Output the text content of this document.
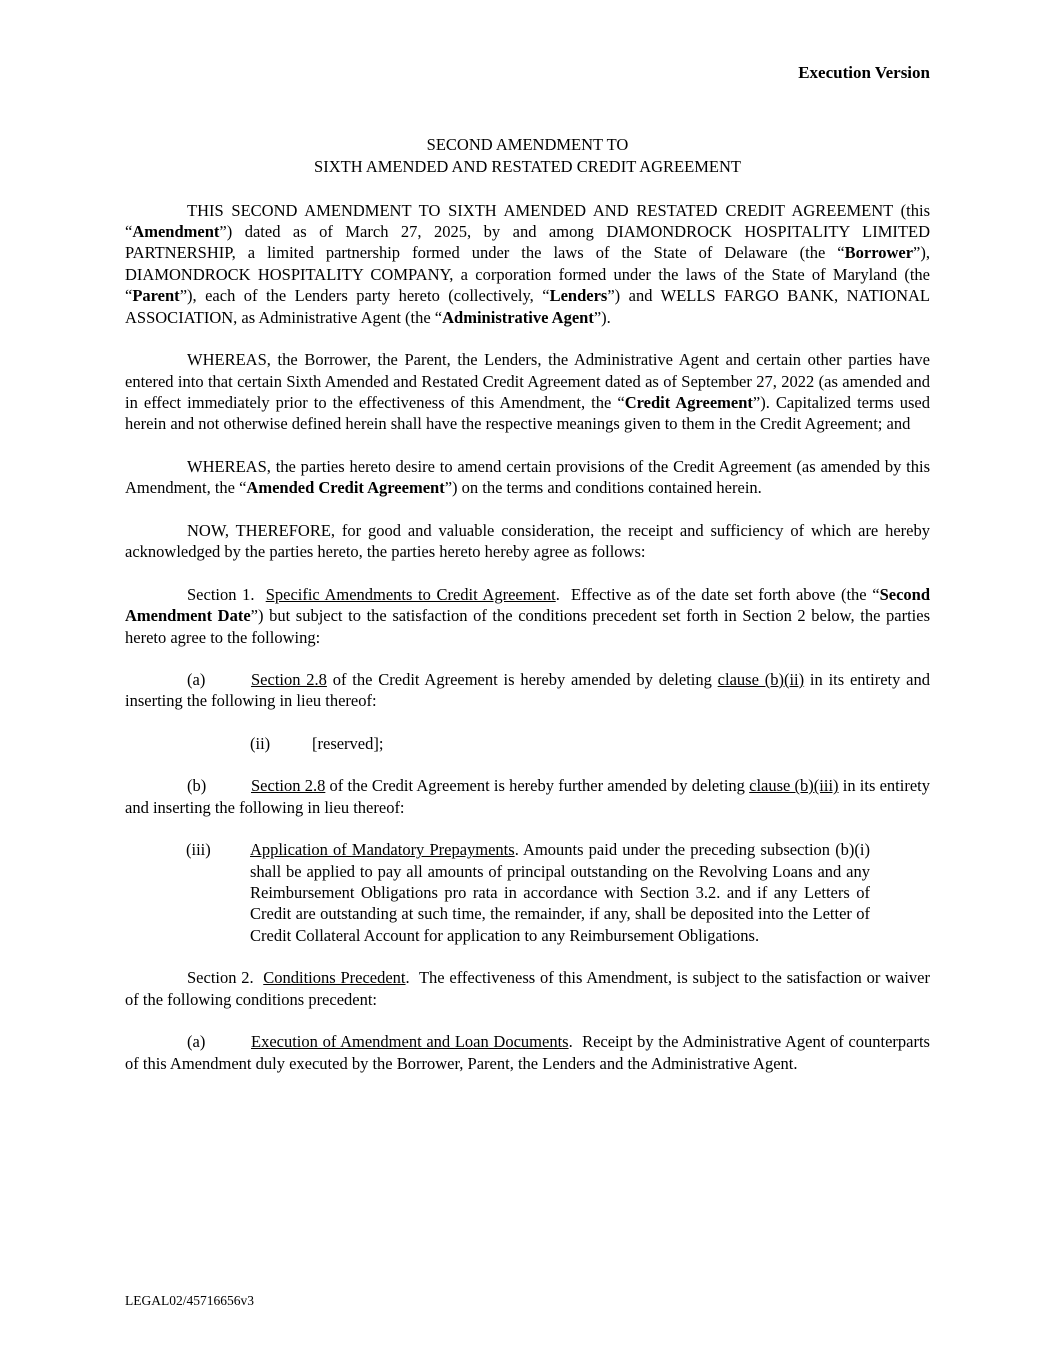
Execution Version
SECOND AMENDMENT TO
SIXTH AMENDED AND RESTATED CREDIT AGREEMENT

THIS SECOND AMENDMENT TO SIXTH AMENDED AND RESTATED CREDIT AGREEMENT (this “Amendment”) dated as of March 27, 2025, by and among DIAMONDROCK HOSPITALITY LIMITED PARTNERSHIP, a limited partnership formed under the laws of the State of Delaware (the “Borrower”), DIAMONDROCK HOSPITALITY COMPANY, a corporation formed under the laws of the State of Maryland (the “Parent”), each of the Lenders party hereto (collectively, “Lenders”) and WELLS FARGO BANK, NATIONAL ASSOCIATION, as Administrative Agent (the “Administrative Agent”).

WHEREAS, the Borrower, the Parent, the Lenders, the Administrative Agent and certain other parties have entered into that certain Sixth Amended and Restated Credit Agreement dated as of September 27, 2022 (as amended and in effect immediately prior to the effectiveness of this Amendment, the “Credit Agreement”). Capitalized terms used herein and not otherwise defined herein shall have the respective meanings given to them in the Credit Agreement; and

WHEREAS, the parties hereto desire to amend certain provisions of the Credit Agreement (as amended by this Amendment, the “Amended Credit Agreement”) on the terms and conditions contained herein.

NOW, THEREFORE, for good and valuable consideration, the receipt and sufficiency of which are hereby acknowledged by the parties hereto, the parties hereto hereby agree as follows:

Section 1.  Specific Amendments to Credit Agreement.  Effective as of the date set forth above (the “Second Amendment Date”) but subject to the satisfaction of the conditions precedent set forth in Section 2 below, the parties hereto agree to the following:

(a)	Section 2.8 of the Credit Agreement is hereby amended by deleting clause (b)(ii) in its entirety and inserting the following in lieu thereof:

(ii)	[reserved];

(b)	Section 2.8 of the Credit Agreement is hereby further amended by deleting clause (b)(iii) in its entirety and inserting the following in lieu thereof:

(iii) Application of Mandatory Prepayments. Amounts paid under the preceding subsection (b)(i) shall be applied to pay all amounts of principal outstanding on the Revolving Loans and any Reimbursement Obligations pro rata in accordance with Section 3.2. and if any Letters of Credit are outstanding at such time, the remainder, if any, shall be deposited into the Letter of Credit Collateral Account for application to any Reimbursement Obligations.

Section 2.  Conditions Precedent.  The effectiveness of this Amendment, is subject to the satisfaction or waiver of the following conditions precedent:

(a)	Execution of Amendment and Loan Documents.  Receipt by the Administrative Agent of counterparts of this Amendment duly executed by the Borrower, Parent, the Lenders and the Administrative Agent.

LEGAL02/45716656v3
